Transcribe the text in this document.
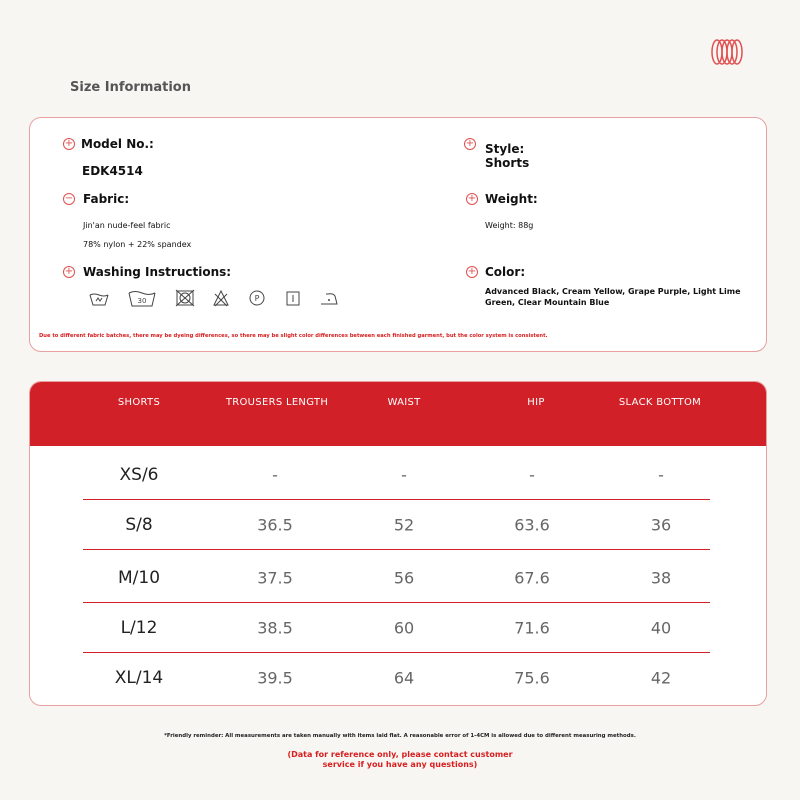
Size Information
+ Model No.:
EDK4514
+ Style:
Shorts
− Fabric:
Jin'an nude-feel fabric
78% nylon + 22% spandex
+ Weight:
Weight: 88g
+ Washing Instructions:
30	P
+ Color:
Advanced Black, Cream Yellow, Grape Purple, Light Lime Green, Clear Mountain Blue
Due to different fabric batches, there may be dyeing differences, so there may be slight color differences between each finished garment, but the color system is consistent.
SHORTS	TROUSERS LENGTH	WAIST	HIP	SLACK BOTTOM
XS/6	-	-	-	-
S/8	36.5	52	63.6	36
M/10	37.5	56	67.6	38
L/12	38.5	60	71.6	40
XL/14	39.5	64	75.6	42
*Friendly reminder: All measurements are taken manually with items laid flat. A reasonable error of 1-4CM is allowed due to different measuring methods.
(Data for reference only, please contact customer service if you have any questions)
